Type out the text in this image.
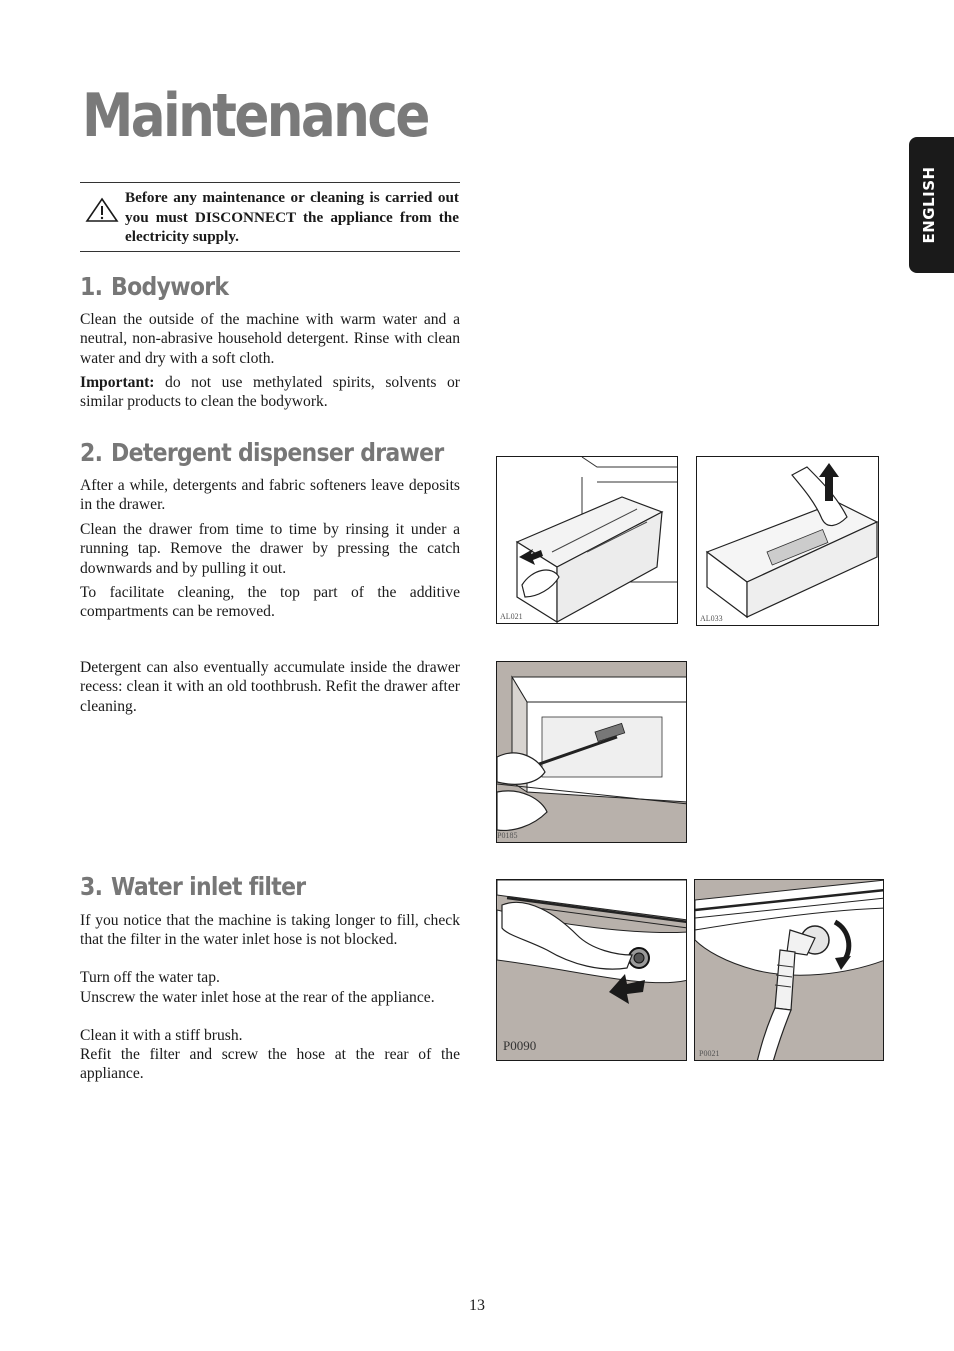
Maintenance
ENGLISH

Before any maintenance or cleaning is carried out you must DISCONNECT the appliance from the electricity supply.

1. Bodywork

Clean the outside of the machine with warm water and a neutral, non-abrasive household detergent. Rinse with clean water and dry with a soft cloth.

Important: do not use methylated spirits, solvents or similar products to clean the bodywork.

2. Detergent dispenser drawer

After a while, detergents and fabric softeners leave deposits in the drawer.

Clean the drawer from time to time by rinsing it under a running tap. Remove the drawer by pressing the catch downwards and by pulling it out.

To facilitate cleaning, the top part of the additive compartments can be removed.

Detergent can also eventually accumulate inside the drawer recess: clean it with an old toothbrush. Refit the drawer after cleaning.

3. Water inlet filter

If you notice that the machine is taking longer to fill, check that the filter in the water inlet hose is not blocked.

Turn off the water tap.

Unscrew the water inlet hose at the rear of the appliance.

Clean it with a stiff brush.

Refit the filter and screw the hose at the rear of the appliance.

AL021	AL033
P0185
P0090
P0021
13
